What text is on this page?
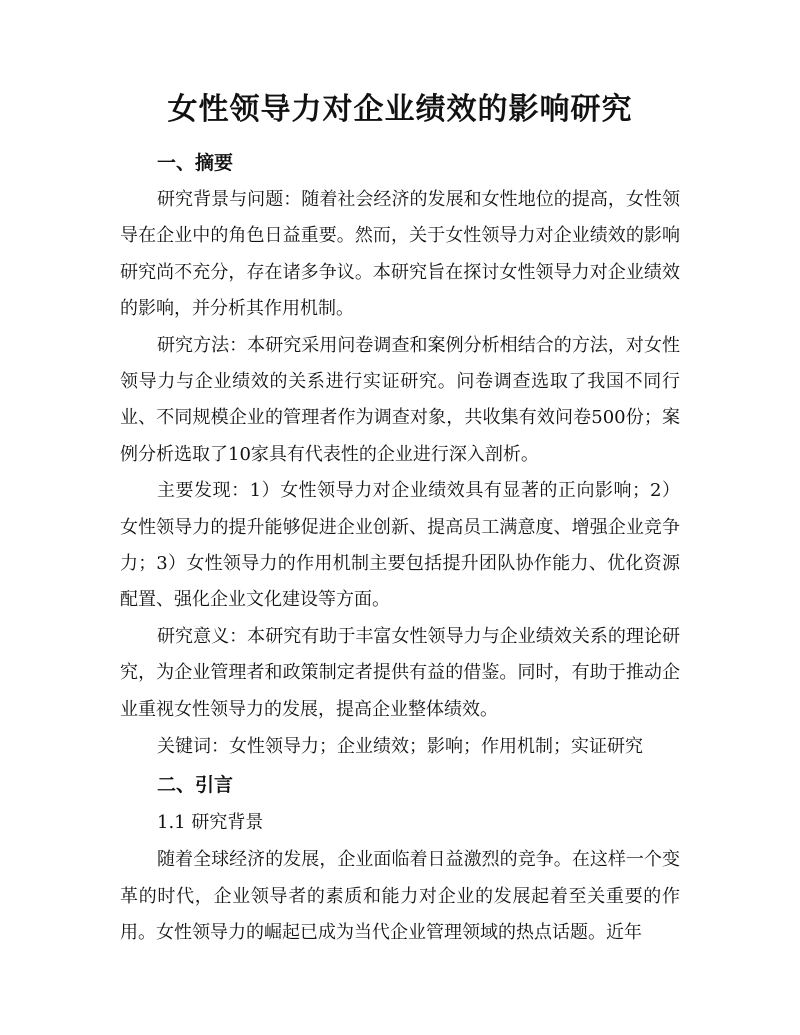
女性领导力对企业绩效的影响研究
一、摘要

研究背景与问题：随着社会经济的发展和女性地位的提高，女性领导在企业中的角色日益重要。然而，关于女性领导力对企业绩效的影响研究尚不充分，存在诸多争议。本研究旨在探讨女性领导力对企业绩效的影响，并分析其作用机制。

研究方法：本研究采用问卷调查和案例分析相结合的方法，对女性领导力与企业绩效的关系进行实证研究。问卷调查选取了我国不同行业、不同规模企业的管理者作为调查对象，共收集有效问卷500份；案例分析选取了10家具有代表性的企业进行深入剖析。

主要发现：1）女性领导力对企业绩效具有显著的正向影响；2）女性领导力的提升能够促进企业创新、提高员工满意度、增强企业竞争力；3）女性领导力的作用机制主要包括提升团队协作能力、优化资源配置、强化企业文化建设等方面。

研究意义：本研究有助于丰富女性领导力与企业绩效关系的理论研究，为企业管理者和政策制定者提供有益的借鉴。同时，有助于推动企业重视女性领导力的发展，提高企业整体绩效。

关键词：女性领导力；企业绩效；影响；作用机制；实证研究
二、引言
1.1 研究背景

随着全球经济的发展，企业面临着日益激烈的竞争。在这样一个变革的时代，企业领导者的素质和能力对企业的发展起着至关重要的作用。女性领导力的崛起已成为当代企业管理领域的热点话题。近年
